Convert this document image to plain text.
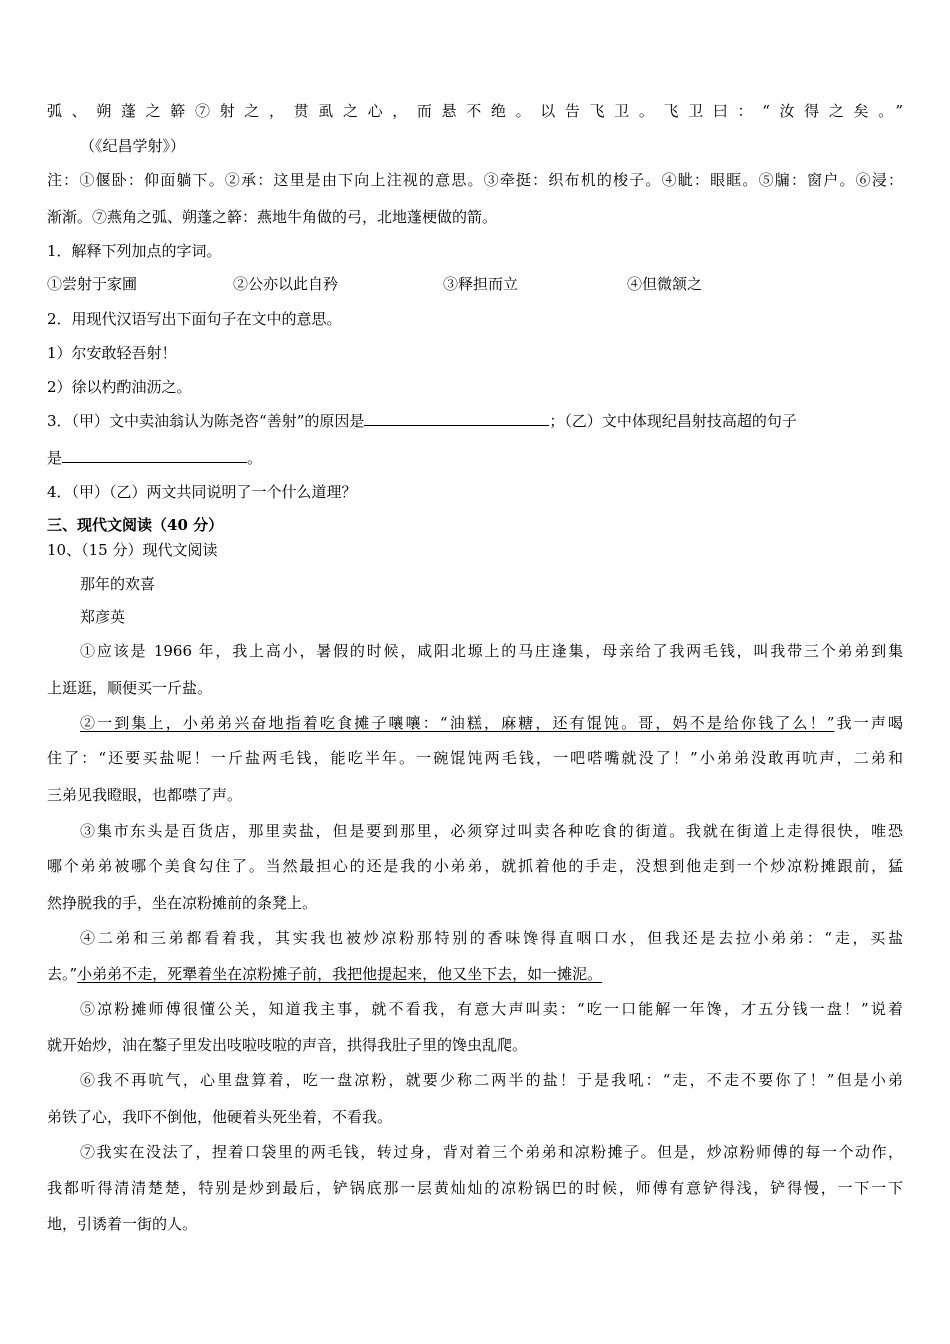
弧、朔蓬之簳⑦射之，贯虱之心，而悬不绝。以告飞卫。飞卫曰：“汝得之矣。”
（《纪昌学射》）
注：①偃卧：仰面躺下。②承：这里是由下向上注视的意思。③牵挺：织布机的梭子。④眦：眼眶。⑤牖：窗户。⑥浸：
渐渐。⑦燕角之弧、朔蓬之簳：燕地牛角做的弓，北地蓬梗做的箭。
1．解释下列加点的字词。
①尝射于家圃	②公亦以此自矜	③释担而立	④但微颔之
2．用现代汉语写出下面句子在文中的意思。
1）尔安敢轻吾射！
2）徐以杓酌油沥之。
3．（甲）文中卖油翁认为陈尧咨“善射”的原因是	；（乙）文中体现纪昌射技高超的句子
是	。
4．（甲）（乙）两文共同说明了一个什么道理？
三、现代文阅读（40 分）
10、（15 分）现代文阅读
那年的欢喜
郑彦英
①应该是 1966 年，我上高小，暑假的时候，咸阳北塬上的马庄逢集，母亲给了我两毛钱，叫我带三个弟弟到集
上逛逛，顺便买一斤盐。
②一到集上，小弟弟兴奋地指着吃食摊子嚷嚷：“油糕，麻糖，还有馄饨。哥，妈不是给你钱了么！”我一声喝
住了：“还要买盐呢！一斤盐两毛钱，能吃半年。一碗馄饨两毛钱，一吧嗒嘴就没了！”小弟弟没敢再吭声，二弟和
三弟见我瞪眼，也都噤了声。
③集市东头是百货店，那里卖盐，但是要到那里，必须穿过叫卖各种吃食的街道。我就在街道上走得很快，唯恐
哪个弟弟被哪个美食勾住了。当然最担心的还是我的小弟弟，就抓着他的手走，没想到他走到一个炒凉粉摊跟前，猛
然挣脱我的手，坐在凉粉摊前的条凳上。
④二弟和三弟都看着我，其实我也被炒凉粉那特别的香味馋得直咽口水，但我还是去拉小弟弟：“走，买盐
去。”小弟弟不走，死犟着坐在凉粉摊子前，我把他提起来，他又坐下去，如一摊泥。
⑤凉粉摊师傅很懂公关，知道我主事，就不看我，有意大声叫卖：“吃一口能解一年馋，才五分钱一盘！”说着
就开始炒，油在鏊子里发出吱啦吱啦的声音，拱得我肚子里的馋虫乱爬。
⑥我不再吭气，心里盘算着，吃一盘凉粉，就要少称二两半的盐！于是我吼：“走，不走不要你了！”但是小弟
弟铁了心，我吓不倒他，他硬着头死坐着，不看我。
⑦我实在没法了，捏着口袋里的两毛钱，转过身，背对着三个弟弟和凉粉摊子。但是，炒凉粉师傅的每一个动作，
我都听得清清楚楚，特别是炒到最后，铲锅底那一层黄灿灿的凉粉锅巴的时候，师傅有意铲得浅，铲得慢，一下一下
地，引诱着一街的人。
